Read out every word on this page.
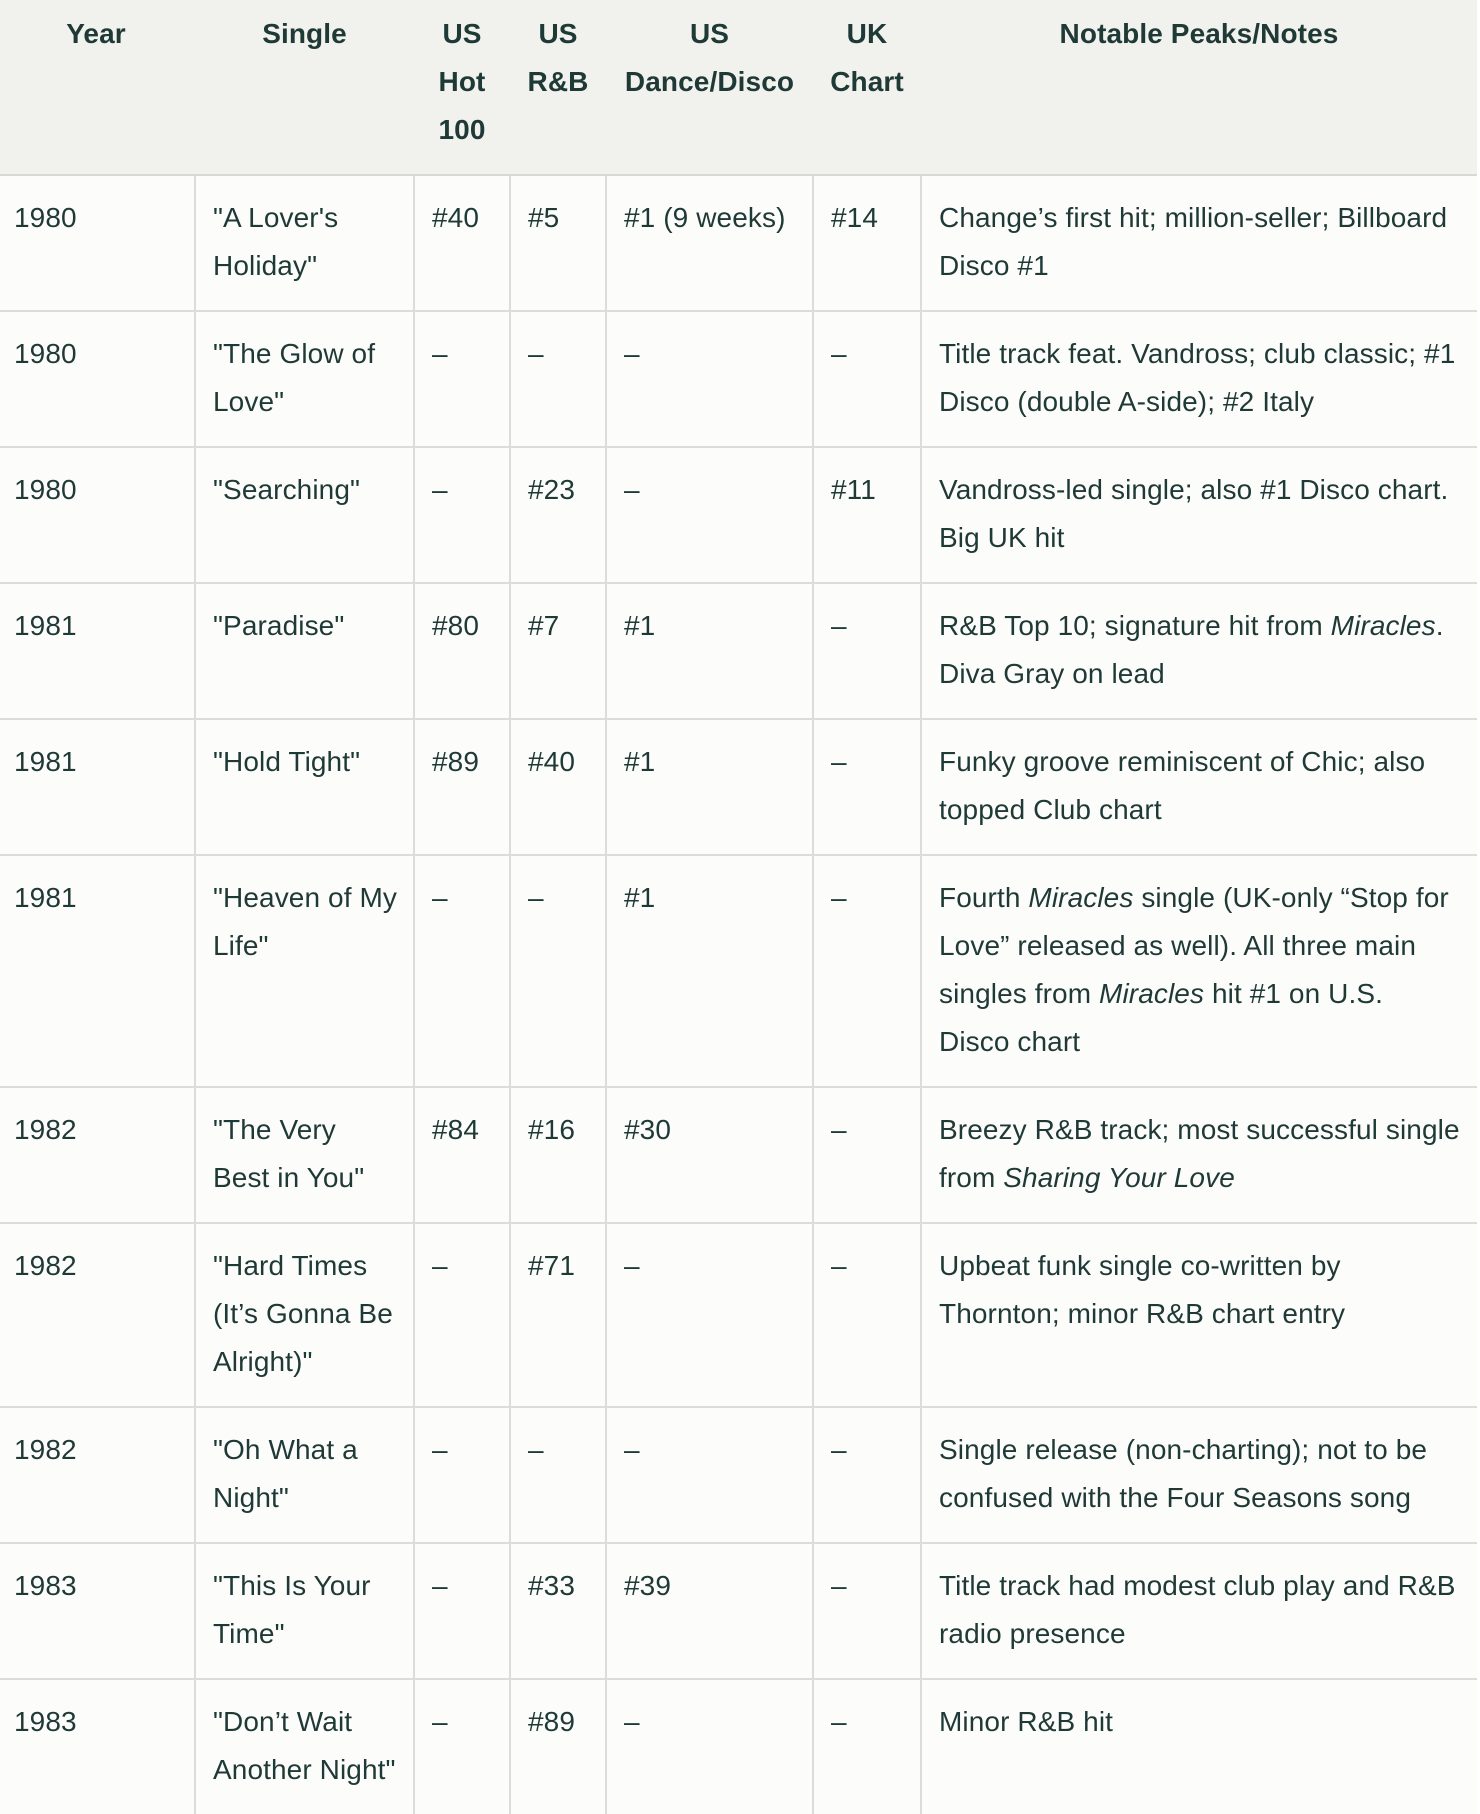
Year	Single	US Hot 100	US R&B	US Dance/Disco	UK Chart	Notable Peaks/Notes
1980	"A Lover's Holiday"	#40	#5	#1 (9 weeks)	#14	Change’s first hit; million-seller; Billboard Disco #1
1980	"The Glow of Love"	–	–	–	–	Title track feat. Vandross; club classic; #1 Disco (double A-side); #2 Italy
1980	"Searching"	–	#23	–	#11	Vandross-led single; also #1 Disco chart. Big UK hit
1981	"Paradise"	#80	#7	#1	–	R&B Top 10; signature hit from Miracles. Diva Gray on lead
1981	"Hold Tight"	#89	#40	#1	–	Funky groove reminiscent of Chic; also topped Club chart
1981	"Heaven of My Life"	–	–	#1	–	Fourth Miracles single (UK-only “Stop for Love” released as well). All three main singles from Miracles hit #1 on U.S. Disco chart
1982	"The Very Best in You"	#84	#16	#30	–	Breezy R&B track; most successful single from Sharing Your Love
1982	"Hard Times (It’s Gonna Be Alright)"	–	#71	–	–	Upbeat funk single co-written by Thornton; minor R&B chart entry
1982	"Oh What a Night"	–	–	–	–	Single release (non-charting); not to be confused with the Four Seasons song
1983	"This Is Your Time"	–	#33	#39	–	Title track had modest club play and R&B radio presence
1983	"Don’t Wait Another Night"	–	#89	–	–	Minor R&B hit
